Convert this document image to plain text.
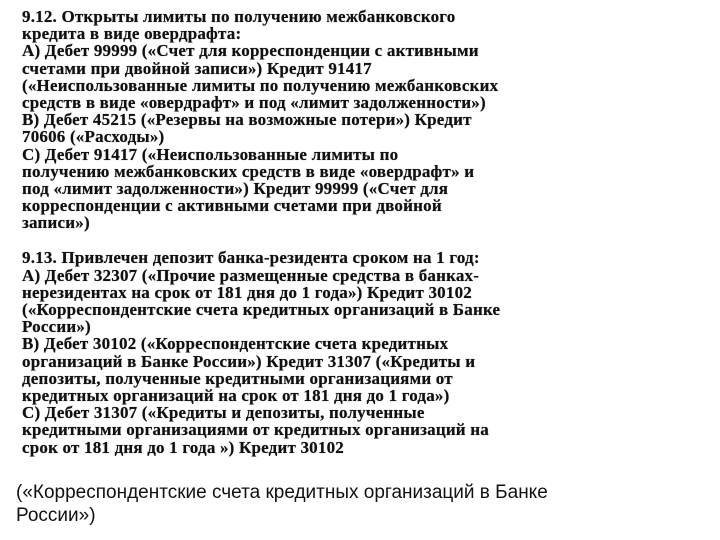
9.12. Открыты лимиты по получению межбанковского
кредита в виде овердрафта:
А) Дебет 99999 («Счет для корреспонденции с активными
счетами при двойной записи») Кредит 91417
(«Неиспользованные лимиты по получению межбанковских
средств в виде «овердрафт» и под «лимит задолженности»)
В) Дебет 45215 («Резервы на возможные потери») Кредит
70606 («Расходы»)
С) Дебет 91417 («Неиспользованные лимиты по
получению межбанковских средств в виде «овердрафт» и
под «лимит задолженности») Кредит 99999 («Счет для
корреспонденции с активными счетами при двойной
записи»)
9.13. Привлечен депозит банка-резидента сроком на 1 год:
А) Дебет 32307 («Прочие размещенные средства в банках-
нерезидентах на срок от 181 дня до 1 года») Кредит 30102
(«Корреспондентские счета кредитных организаций в Банке
России»)
В) Дебет 30102 («Корреспондентские счета кредитных
организаций в Банке России») Кредит 31307 («Кредиты и
депозиты, полученные кредитными организациями от
кредитных организаций на срок от 181 дня до 1 года»)
С) Дебет 31307 («Кредиты и депозиты, полученные
кредитными организациями от кредитных организаций на
срок от 181 дня до 1 года ») Кредит 30102
(«Корреспондентские счета кредитных организаций в Банке
России»)
